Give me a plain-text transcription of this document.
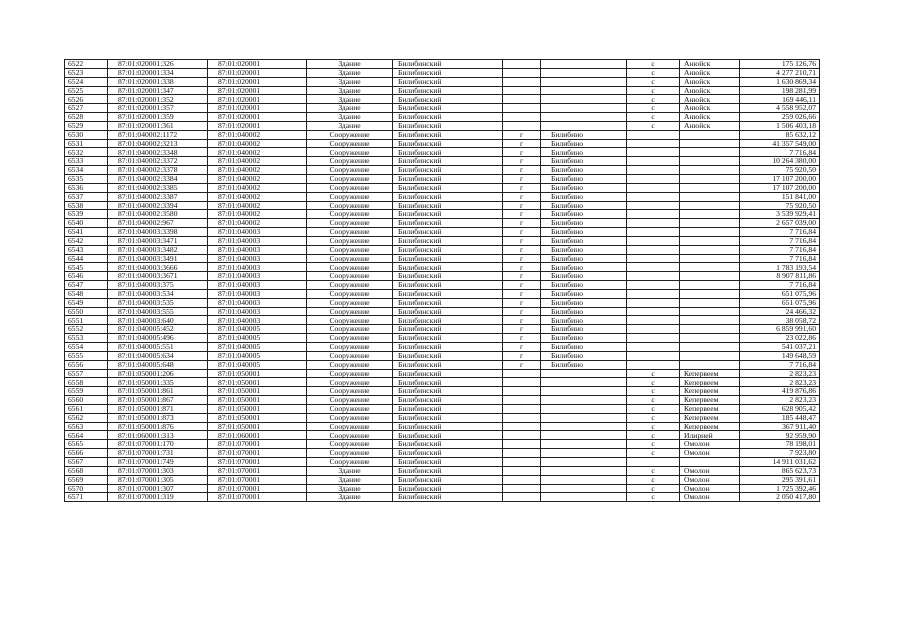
6522	87:01:020001:326	87:01:020001	Здание	Билибинский			с	Анюйск	175 126,76
6523	87:01:020001:334	87:01:020001	Здание	Билибинский			с	Анюйск	4 277 210,71
6524	87:01:020001:338	87:01:020001	Здание	Билибинский			с	Анюйск	1 630 869,34
6525	87:01:020001:347	87:01:020001	Здание	Билибинский			с	Анюйск	198 281,99
6526	87:01:020001:352	87:01:020001	Здание	Билибинский			с	Анюйск	169 446,11
6527	87:01:020001:357	87:01:020001	Здание	Билибинский			с	Анюйск	4 558 952,07
6528	87:01:020001:359	87:01:020001	Здание	Билибинский			с	Анюйск	259 026,66
6529	87:01:020001:361	87:01:020001	Здание	Билибинский			с	Анюйск	1 506 403,18
6530	87:01:040002:1172	87:01:040002	Сооружение	Билибинский	г	Билибино			85 632,12
6531	87:01:040002:3213	87:01:040002	Сооружение	Билибинский	г	Билибино			41 357 549,00
6532	87:01:040002:3348	87:01:040002	Сооружение	Билибинский	г	Билибино			7 716,84
6533	87:01:040002:3372	87:01:040002	Сооружение	Билибинский	г	Билибино			10 264 380,00
6534	87:01:040002:3378	87:01:040002	Сооружение	Билибинский	г	Билибино			75 920,50
6535	87:01:040002:3384	87:01:040002	Сооружение	Билибинский	г	Билибино			17 107 200,00
6536	87:01:040002:3385	87:01:040002	Сооружение	Билибинский	г	Билибино			17 107 200,00
6537	87:01:040002:3387	87:01:040002	Сооружение	Билибинский	г	Билибино			151 841,00
6538	87:01:040002:3394	87:01:040002	Сооружение	Билибинский	г	Билибино			75 920,50
6539	87:01:040002:3580	87:01:040002	Сооружение	Билибинский	г	Билибино			3 539 929,41
6540	87:01:040002:967	87:01:040002	Сооружение	Билибинский	г	Билибино			2 657 039,00
6541	87:01:040003:3398	87:01:040003	Сооружение	Билибинский	г	Билибино			7 716,84
6542	87:01:040003:3471	87:01:040003	Сооружение	Билибинский	г	Билибино			7 716,84
6543	87:01:040003:3482	87:01:040003	Сооружение	Билибинский	г	Билибино			7 716,84
6544	87:01:040003:3491	87:01:040003	Сооружение	Билибинский	г	Билибино			7 716,84
6545	87:01:040003:3666	87:01:040003	Сооружение	Билибинский	г	Билибино			1 783 193,54
6546	87:01:040003:3671	87:01:040003	Сооружение	Билибинский	г	Билибино			8 907 811,86
6547	87:01:040003:375	87:01:040003	Сооружение	Билибинский	г	Билибино			7 716,84
6548	87:01:040003:534	87:01:040003	Сооружение	Билибинский	г	Билибино			651 075,96
6549	87:01:040003:535	87:01:040003	Сооружение	Билибинский	г	Билибино			651 075,96
6550	87:01:040003:555	87:01:040003	Сооружение	Билибинский	г	Билибино			24 466,32
6551	87:01:040003:640	87:01:040003	Сооружение	Билибинский	г	Билибино			38 058,72
6552	87:01:040005:452	87:01:040005	Сооружение	Билибинский	г	Билибино			6 859 991,60
6553	87:01:040005:496	87:01:040005	Сооружение	Билибинский	г	Билибино			23 022,86
6554	87:01:040005:551	87:01:040005	Сооружение	Билибинский	г	Билибино			541 037,21
6555	87:01:040005:634	87:01:040005	Сооружение	Билибинский	г	Билибино			149 648,59
6556	87:01:040005:648	87:01:040005	Сооружение	Билибинский	г	Билибино			7 716,84
6557	87:01:050001:206	87:01:050001	Сооружение	Билибинский			с	Кепервеем	2 823,23
6558	87:01:050001:335	87:01:050001	Сооружение	Билибинский			с	Кепервеем	2 823,23
6559	87:01:050001:861	87:01:050001	Сооружение	Билибинский			с	Кепервеем	419 876,86
6560	87:01:050001:867	87:01:050001	Сооружение	Билибинский			с	Кепервеем	2 823,23
6561	87:01:050001:871	87:01:050001	Сооружение	Билибинский			с	Кепервеем	628 905,42
6562	87:01:050001:873	87:01:050001	Сооружение	Билибинский			с	Кепервеем	185 448,47
6563	87:01:050001:876	87:01:050001	Сооружение	Билибинский			с	Кепервеем	367 911,40
6564	87:01:060001:313	87:01:060001	Сооружение	Билибинский			с	Илирней	92 959,90
6565	87:01:070001:170	87:01:070001	Сооружение	Билибинский			с	Омолон	78 198,01
6566	87:01:070001:731	87:01:070001	Сооружение	Билибинский			с	Омолон	7 923,80
6567	87:01:070001:749	87:01:070001	Сооружение	Билибинский					14 911 031,62
6568	87:01:070001:303	87:01:070001	Здание	Билибинский			с	Омолон	865 623,73
6569	87:01:070001:305	87:01:070001	Здание	Билибинский			с	Омолон	295 391,61
6570	87:01:070001:307	87:01:070001	Здание	Билибинский			с	Омолон	1 725 392,46
6571	87:01:070001:319	87:01:070001	Здание	Билибинский			с	Омолон	2 050 417,80
